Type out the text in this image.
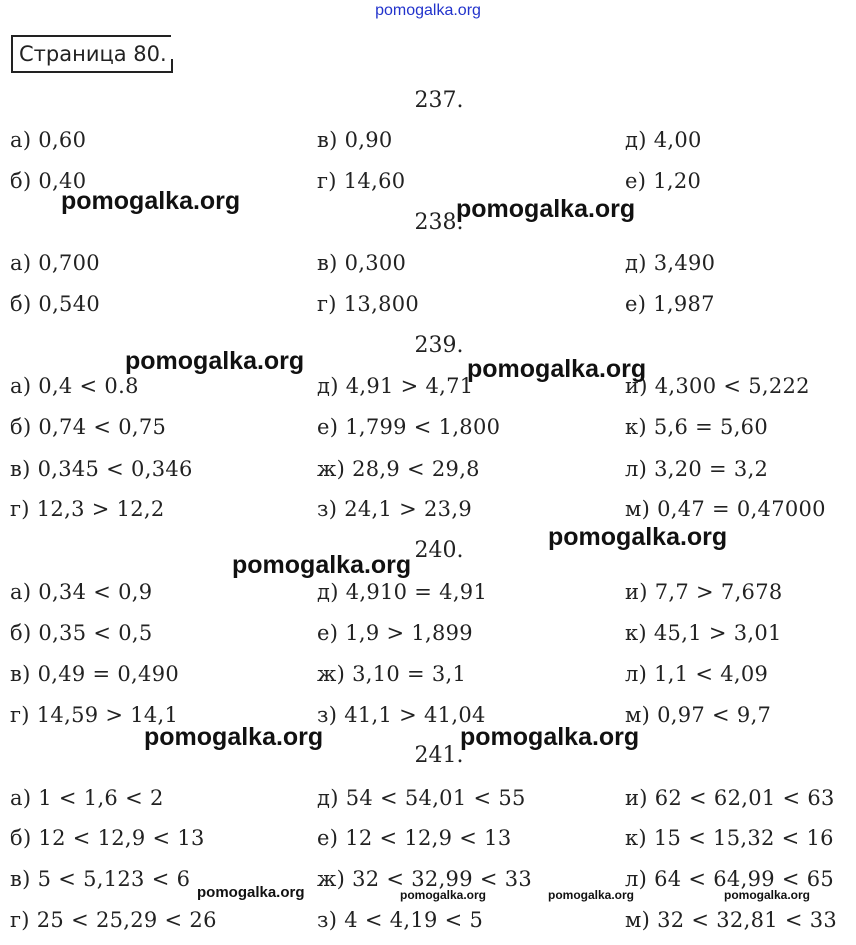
pomogalka.org
Страница 80.
237.
а) 0,60	в) 0,90	д) 4,00
б) 0,40	г) 14,60	е) 1,20
238.
а) 0,700	в) 0,300	д) 3,490
б) 0,540	г) 13,800	е) 1,987
239.
а) 0,4 < 0.8	д) 4,91 > 4,71	и) 4,300 < 5,222
б) 0,74 < 0,75	е) 1,799 < 1,800	к) 5,6 = 5,60
в) 0,345 < 0,346	ж) 28,9 < 29,8	л) 3,20 = 3,2
г) 12,3 > 12,2	з) 24,1 > 23,9	м) 0,47 = 0,47000
240.
а) 0,34 < 0,9	д) 4,910 = 4,91	и) 7,7 > 7,678
б) 0,35 < 0,5	е) 1,9 > 1,899	к) 45,1 > 3,01
в) 0,49 = 0,490	ж) 3,10 = 3,1	л) 1,1 < 4,09
г) 14,59 > 14,1	з) 41,1 > 41,04	м) 0,97 < 9,7
241.
а) 1 < 1,6 < 2	д) 54 < 54,01 < 55	и) 62 < 62,01 < 63
б) 12 < 12,9 < 13	е) 12 < 12,9 < 13	к) 15 < 15,32 < 16
в) 5 < 5,123 < 6	ж) 32 < 32,99 < 33	л) 64 < 64,99 < 65
г) 25 < 25,29 < 26	з) 4 < 4,19 < 5	м) 32 < 32,81 < 33
pomogalka.org	pomogalka.org
pomogalka.org	pomogalka.org
pomogalka.org
pomogalka.org
pomogalka.org	pomogalka.org
pomogalka.org	pomogalka.org	pomogalka.org	pomogalka.org
